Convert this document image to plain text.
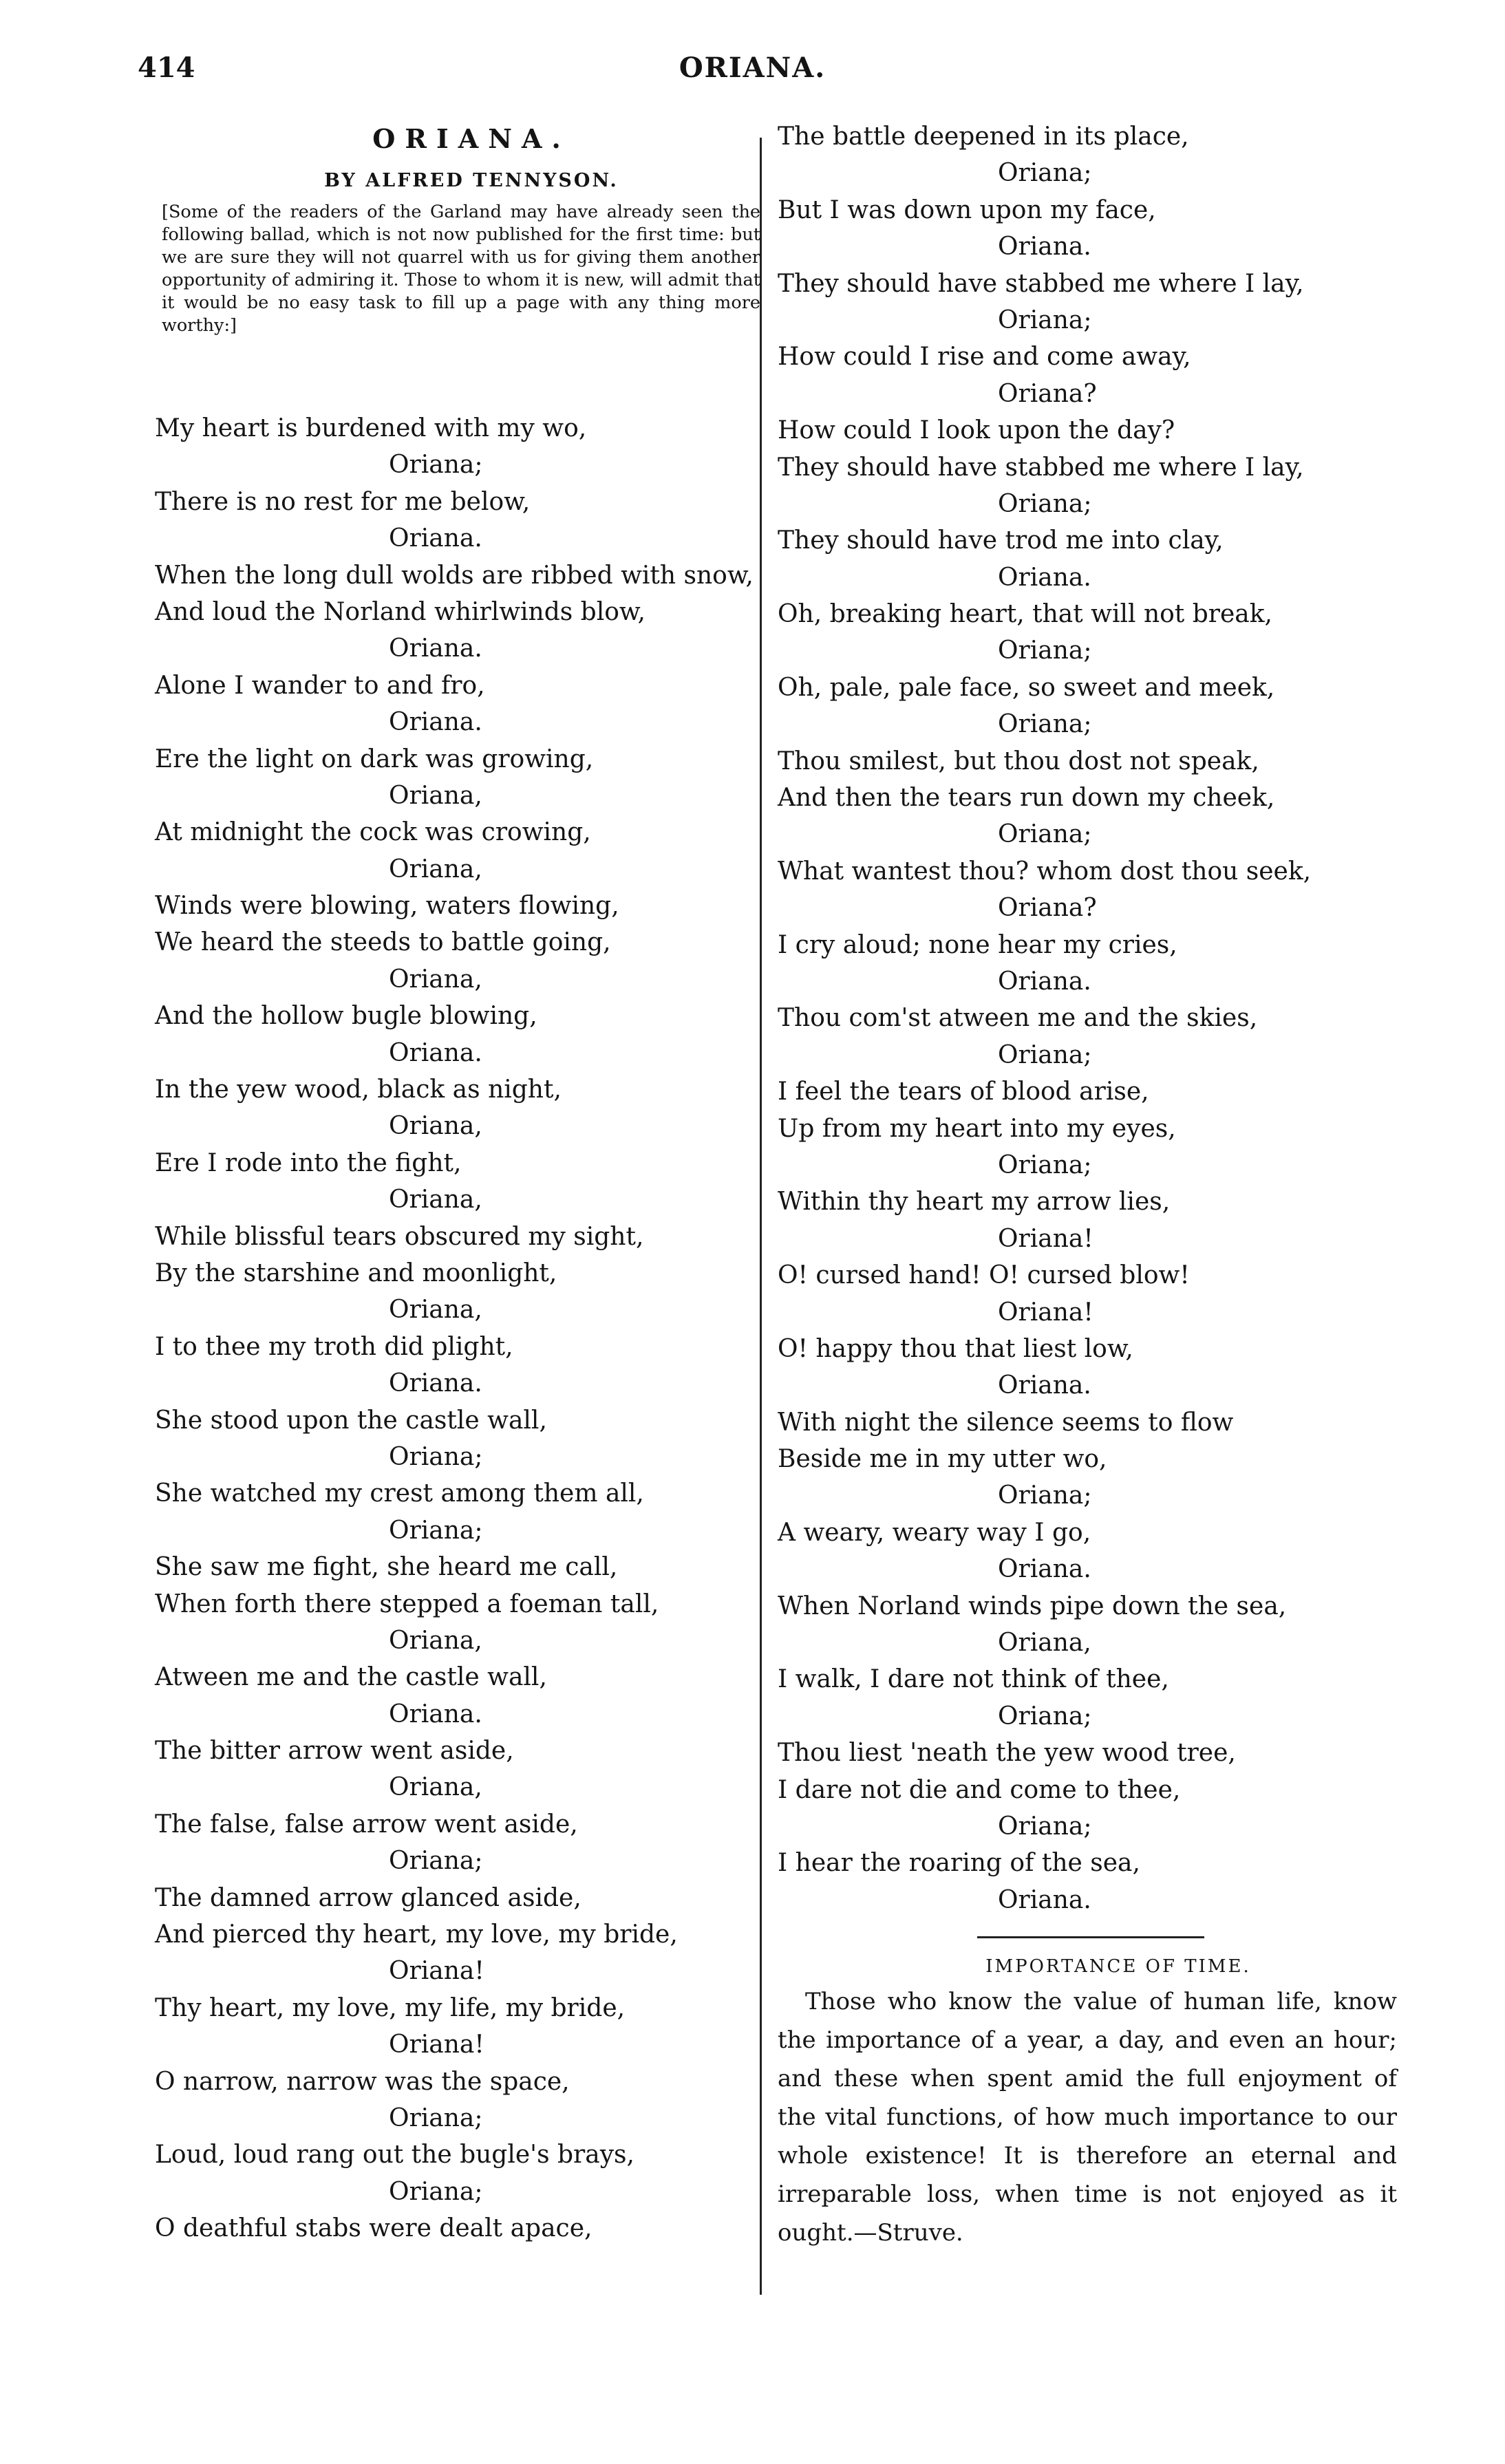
414	ORIANA.
ORIANA.
BY ALFRED TENNYSON.

[Some of the readers of the Garland may have already seen the following ballad, which is not now published for the first time: but we are sure they will not quarrel with us for giving them another opportunity of admiring it. Those to whom it is new, will admit that it would be no easy task to fill up a page with any thing more worthy:]

My heart is burdened with my wo,
Oriana;
There is no rest for me below,
Oriana.
When the long dull wolds are ribbed with snow,
And loud the Norland whirlwinds blow,
Oriana.
Alone I wander to and fro,
Oriana.
Ere the light on dark was growing,
Oriana,
At midnight the cock was crowing,
Oriana,
Winds were blowing, waters flowing,
We heard the steeds to battle going,
Oriana,
And the hollow bugle blowing,
Oriana.
In the yew wood, black as night,
Oriana,
Ere I rode into the fight,
Oriana,
While blissful tears obscured my sight,
By the starshine and moonlight,
Oriana,
I to thee my troth did plight,
Oriana.
She stood upon the castle wall,
Oriana;
She watched my crest among them all,
Oriana;
She saw me fight, she heard me call,
When forth there stepped a foeman tall,
Oriana,
Atween me and the castle wall,
Oriana.
The bitter arrow went aside,
Oriana,
The false, false arrow went aside,
Oriana;
The damned arrow glanced aside,
And pierced thy heart, my love, my bride,
Oriana!
Thy heart, my love, my life, my bride,
Oriana!
O narrow, narrow was the space,
Oriana;
Loud, loud rang out the bugle's brays,
Oriana;
O deathful stabs were dealt apace,
The battle deepened in its place,
Oriana;
But I was down upon my face,
Oriana.
They should have stabbed me where I lay,
Oriana;
How could I rise and come away,
Oriana?
How could I look upon the day?
They should have stabbed me where I lay,
Oriana;
They should have trod me into clay,
Oriana.
Oh, breaking heart, that will not break,
Oriana;
Oh, pale, pale face, so sweet and meek,
Oriana;
Thou smilest, but thou dost not speak,
And then the tears run down my cheek,
Oriana;
What wantest thou? whom dost thou seek,
Oriana?
I cry aloud; none hear my cries,
Oriana.
Thou com'st atween me and the skies,
Oriana;
I feel the tears of blood arise,
Up from my heart into my eyes,
Oriana;
Within thy heart my arrow lies,
Oriana!
O! cursed hand! O! cursed blow!
Oriana!
O! happy thou that liest low,
Oriana.
With night the silence seems to flow
Beside me in my utter wo,
Oriana;
A weary, weary way I go,
Oriana.
When Norland winds pipe down the sea,
Oriana,
I walk, I dare not think of thee,
Oriana;
Thou liest 'neath the yew wood tree,
I dare not die and come to thee,
Oriana;
I hear the roaring of the sea,
Oriana.
IMPORTANCE OF TIME.

Those who know the value of human life, know the importance of a year, a day, and even an hour; and these when spent amid the full enjoyment of the vital functions, of how much importance to our whole existence! It is therefore an eternal and irreparable loss, when time is not enjoyed as it ought.—Struve.
